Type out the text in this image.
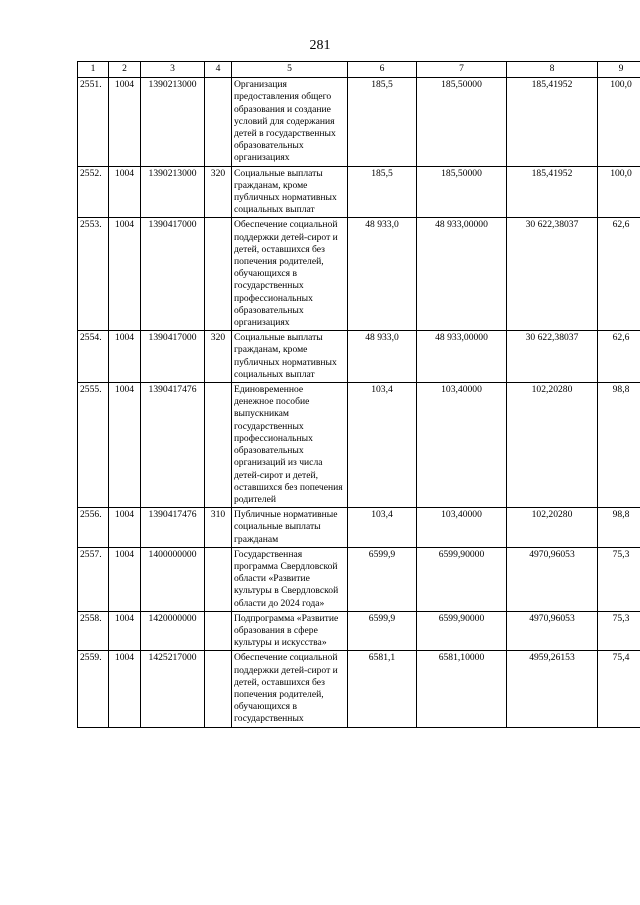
281
1	2	3	4	5	6	7	8	9
2551.	1004	1390213000		Организация предоставления общего образования и создание условий для содержания детей в государственных образовательных организациях	185,5	185,50000	185,41952	100,0
2552.	1004	1390213000	320	Социальные выплаты гражданам, кроме публичных нормативных социальных выплат	185,5	185,50000	185,41952	100,0
2553.	1004	1390417000		Обеспечение социальной поддержки детей-сирот и детей, оставшихся без попечения родителей, обучающихся в государственных профессиональных образовательных организациях	48 933,0	48 933,00000	30 622,38037	62,6
2554.	1004	1390417000	320	Социальные выплаты гражданам, кроме публичных нормативных социальных выплат	48 933,0	48 933,00000	30 622,38037	62,6
2555.	1004	1390417476		Единовременное денежное пособие выпускникам государственных профессиональных образовательных организаций из числа детей-сирот и детей, оставшихся без попечения родителей	103,4	103,40000	102,20280	98,8
2556.	1004	1390417476	310	Публичные нормативные социальные выплаты гражданам	103,4	103,40000	102,20280	98,8
2557.	1004	1400000000		Государственная программа Свердловской области «Развитие культуры в Свердловской области до 2024 года»	6599,9	6599,90000	4970,96053	75,3
2558.	1004	1420000000		Подпрограмма «Развитие образования в сфере культуры и искусства»	6599,9	6599,90000	4970,96053	75,3
2559.	1004	1425217000		Обеспечение социальной поддержки детей-сирот и детей, оставшихся без попечения родителей, обучающихся в государственных	6581,1	6581,10000	4959,26153	75,4
